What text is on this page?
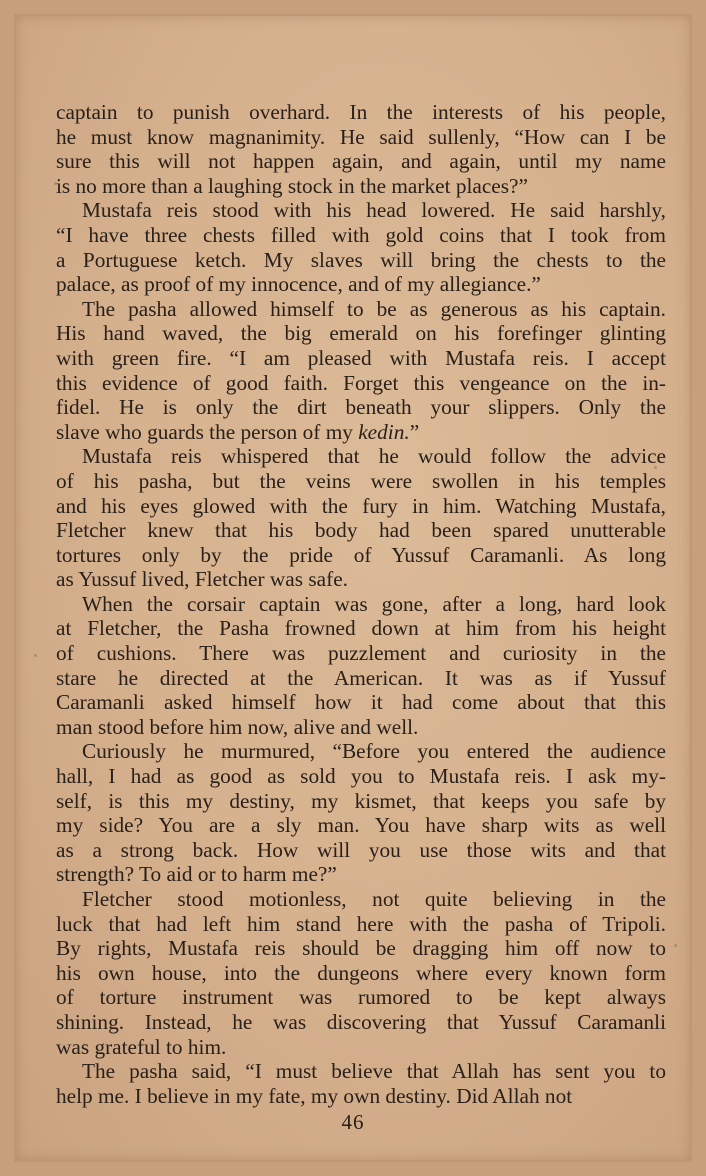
captain to punish overhard. In the interests of his people,
he must know magnanimity. He said sullenly, “How can I be
sure this will not happen again, and again, until my name
is no more than a laughing stock in the market places?”

Mustafa reis stood with his head lowered. He said harshly,
“I have three chests filled with gold coins that I took from
a Portuguese ketch. My slaves will bring the chests to the
palace, as proof of my innocence, and of my allegiance.”

The pasha allowed himself to be as generous as his captain.
His hand waved, the big emerald on his forefinger glinting
with green fire. “I am pleased with Mustafa reis. I accept
this evidence of good faith. Forget this vengeance on the in-
fidel. He is only the dirt beneath your slippers. Only the
slave who guards the person of my kedin.”

Mustafa reis whispered that he would follow the advice
of his pasha, but the veins were swollen in his temples
and his eyes glowed with the fury in him. Watching Mustafa,
Fletcher knew that his body had been spared unutterable
tortures only by the pride of Yussuf Caramanli. As long
as Yussuf lived, Fletcher was safe.

When the corsair captain was gone, after a long, hard look
at Fletcher, the Pasha frowned down at him from his height
of cushions. There was puzzlement and curiosity in the
stare he directed at the American. It was as if Yussuf
Caramanli asked himself how it had come about that this
man stood before him now, alive and well.

Curiously he murmured, “Before you entered the audience
hall, I had as good as sold you to Mustafa reis. I ask my-
self, is this my destiny, my kismet, that keeps you safe by
my side? You are a sly man. You have sharp wits as well
as a strong back. How will you use those wits and that
strength? To aid or to harm me?”

Fletcher stood motionless, not quite believing in the
luck that had left him stand here with the pasha of Tripoli.
By rights, Mustafa reis should be dragging him off now to
his own house, into the dungeons where every known form
of torture instrument was rumored to be kept always
shining. Instead, he was discovering that Yussuf Caramanli
was grateful to him.

The pasha said, “I must believe that Allah has sent you to
help me. I believe in my fate, my own destiny. Did Allah not

46
